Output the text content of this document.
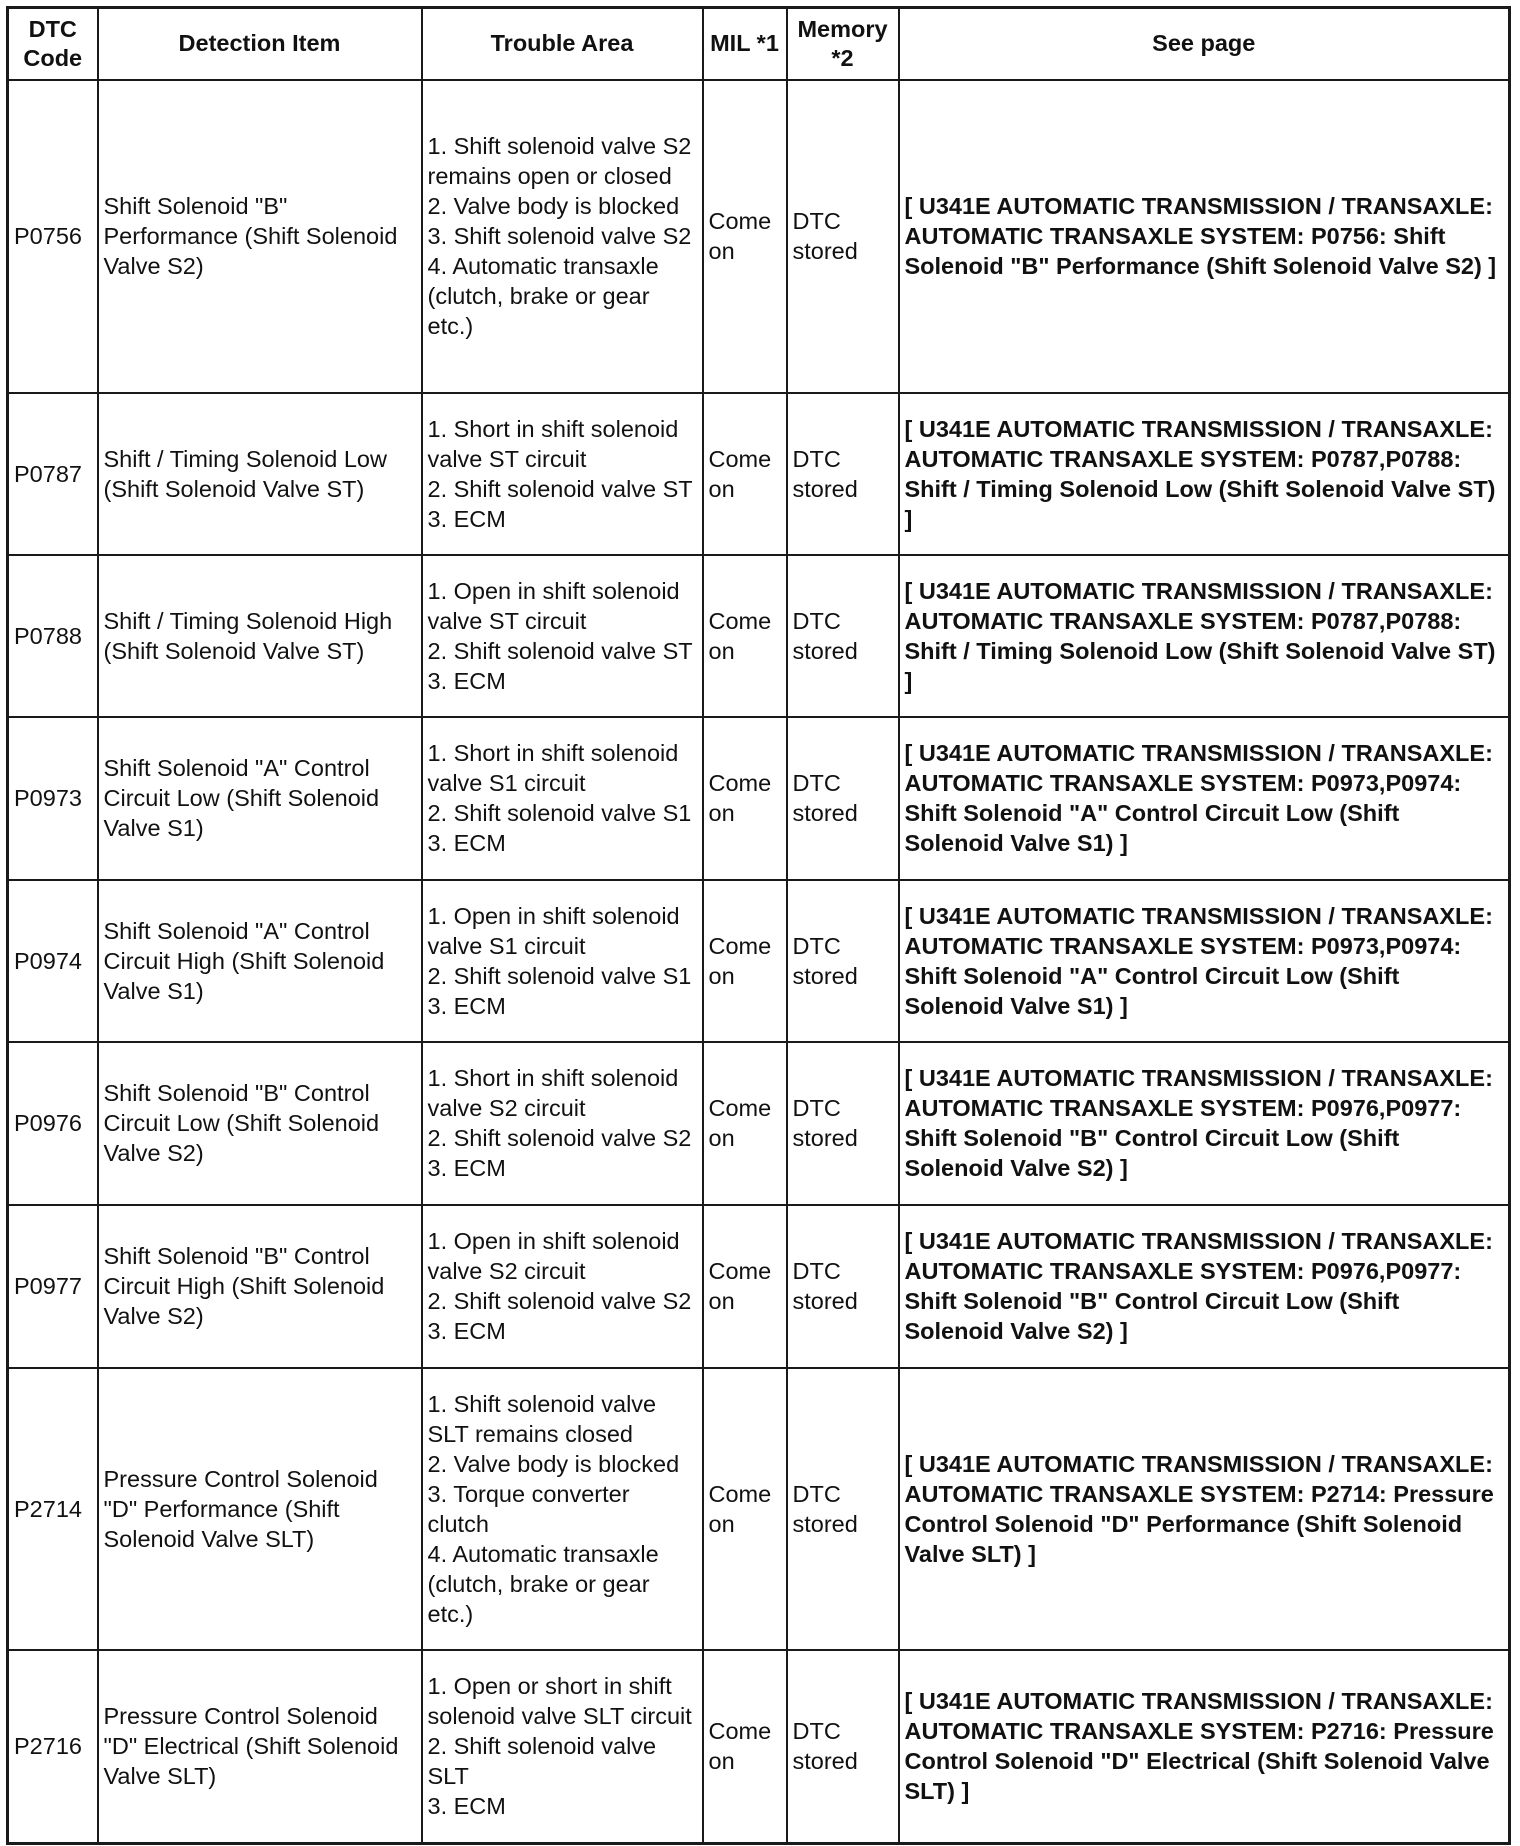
DTC Code	Detection Item	Trouble Area	MIL *1	Memory *2	See page
P0756	Shift Solenoid "B" Performance (Shift Solenoid Valve S2)	1. Shift solenoid valve S2 remains open or closed
2. Valve body is blocked
3. Shift solenoid valve S2
4. Automatic transaxle (clutch, brake or gear etc.)	Come on	DTC stored	[ U341E AUTOMATIC TRANSMISSION / TRANSAXLE: AUTOMATIC TRANSAXLE SYSTEM: P0756: Shift Solenoid "B" Performance (Shift Solenoid Valve S2) ]
P0787	Shift / Timing Solenoid Low (Shift Solenoid Valve ST)	1. Short in shift solenoid valve ST circuit
2. Shift solenoid valve ST
3. ECM	Come on	DTC stored	[ U341E AUTOMATIC TRANSMISSION / TRANSAXLE: AUTOMATIC TRANSAXLE SYSTEM: P0787,P0788: Shift / Timing Solenoid Low (Shift Solenoid Valve ST) ]
P0788	Shift / Timing Solenoid High (Shift Solenoid Valve ST)	1. Open in shift solenoid valve ST circuit
2. Shift solenoid valve ST
3. ECM	Come on	DTC stored	[ U341E AUTOMATIC TRANSMISSION / TRANSAXLE: AUTOMATIC TRANSAXLE SYSTEM: P0787,P0788: Shift / Timing Solenoid Low (Shift Solenoid Valve ST) ]
P0973	Shift Solenoid "A" Control Circuit Low (Shift Solenoid Valve S1)	1. Short in shift solenoid valve S1 circuit
2. Shift solenoid valve S1
3. ECM	Come on	DTC stored	[ U341E AUTOMATIC TRANSMISSION / TRANSAXLE: AUTOMATIC TRANSAXLE SYSTEM: P0973,P0974: Shift Solenoid "A" Control Circuit Low (Shift Solenoid Valve S1) ]
P0974	Shift Solenoid "A" Control Circuit High (Shift Solenoid Valve S1)	1. Open in shift solenoid valve S1 circuit
2. Shift solenoid valve S1
3. ECM	Come on	DTC stored	[ U341E AUTOMATIC TRANSMISSION / TRANSAXLE: AUTOMATIC TRANSAXLE SYSTEM: P0973,P0974: Shift Solenoid "A" Control Circuit Low (Shift Solenoid Valve S1) ]
P0976	Shift Solenoid "B" Control Circuit Low (Shift Solenoid Valve S2)	1. Short in shift solenoid valve S2 circuit
2. Shift solenoid valve S2
3. ECM	Come on	DTC stored	[ U341E AUTOMATIC TRANSMISSION / TRANSAXLE: AUTOMATIC TRANSAXLE SYSTEM: P0976,P0977: Shift Solenoid "B" Control Circuit Low (Shift Solenoid Valve S2) ]
P0977	Shift Solenoid "B" Control Circuit High (Shift Solenoid Valve S2)	1. Open in shift solenoid valve S2 circuit
2. Shift solenoid valve S2
3. ECM	Come on	DTC stored	[ U341E AUTOMATIC TRANSMISSION / TRANSAXLE: AUTOMATIC TRANSAXLE SYSTEM: P0976,P0977: Shift Solenoid "B" Control Circuit Low (Shift Solenoid Valve S2) ]
P2714	Pressure Control Solenoid "D" Performance (Shift Solenoid Valve SLT)	1. Shift solenoid valve SLT remains closed
2. Valve body is blocked
3. Torque converter clutch
4. Automatic transaxle (clutch, brake or gear etc.)	Come on	DTC stored	[ U341E AUTOMATIC TRANSMISSION / TRANSAXLE: AUTOMATIC TRANSAXLE SYSTEM: P2714: Pressure Control Solenoid "D" Performance (Shift Solenoid Valve SLT) ]
P2716	Pressure Control Solenoid "D" Electrical (Shift Solenoid Valve SLT)	1. Open or short in shift solenoid valve SLT circuit
2. Shift solenoid valve SLT
3. ECM	Come on	DTC stored	[ U341E AUTOMATIC TRANSMISSION / TRANSAXLE: AUTOMATIC TRANSAXLE SYSTEM: P2716: Pressure Control Solenoid "D" Electrical (Shift Solenoid Valve SLT) ]
